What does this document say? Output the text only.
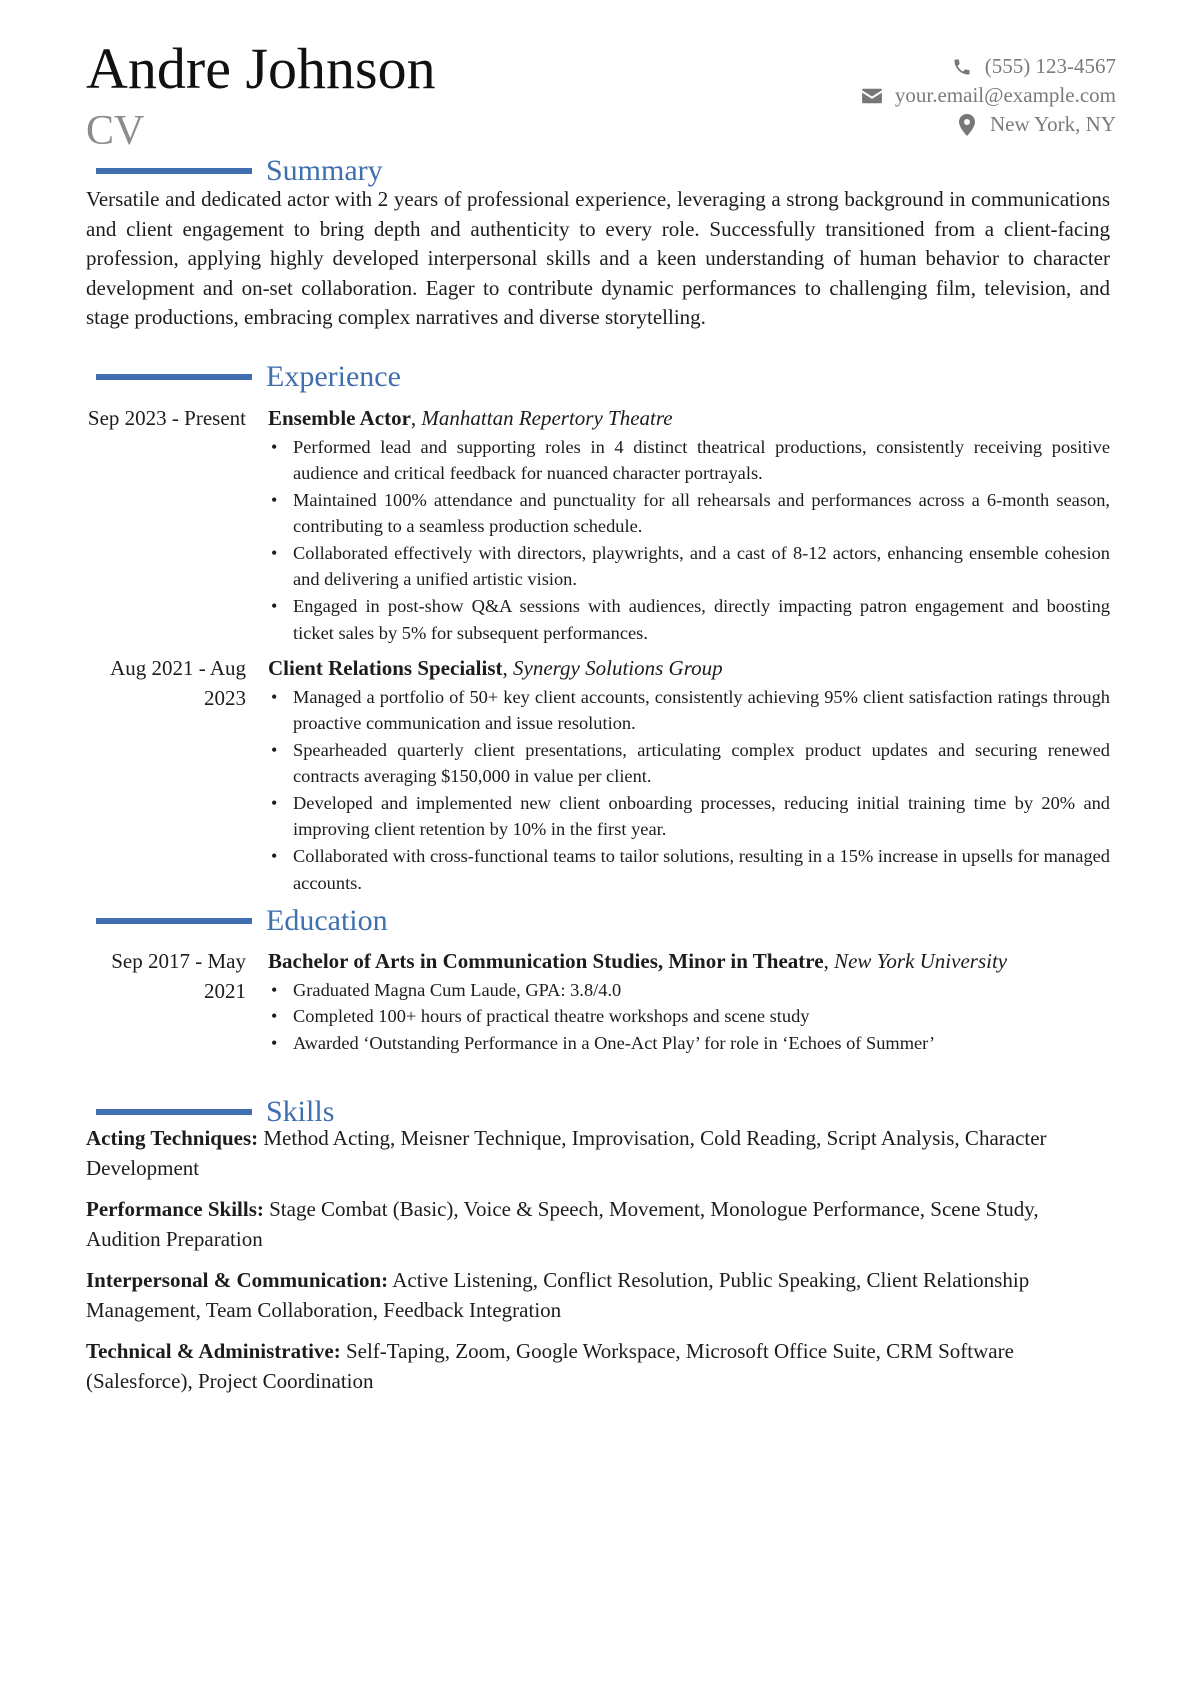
Andre Johnson
CV
(555) 123-4567
your.email@example.com
New York, NY
Summary
Versatile and dedicated actor with 2 years of professional experience, leveraging a strong background in communications and client engagement to bring depth and authenticity to every role. Successfully transitioned from a client-facing profession, applying highly developed interpersonal skills and a keen understanding of human behavior to character development and on-set collaboration. Eager to contribute dynamic performances to challenging film, television, and stage productions, embracing complex narratives and diverse storytelling.
Experience
Sep 2023 - Present Ensemble Actor, Manhattan Repertory Theatre
• Performed lead and supporting roles in 4 distinct theatrical productions, consistently receiving positive audience and critical feedback for nuanced character portrayals.
• Maintained 100% attendance and punctuality for all rehearsals and performances across a 6-month season, contributing to a seamless production schedule.
• Collaborated effectively with directors, playwrights, and a cast of 8-12 actors, enhancing ensemble cohesion and delivering a unified artistic vision.
• Engaged in post-show Q&A sessions with audiences, directly impacting patron engagement and boosting ticket sales by 5% for subsequent performances.
Aug 2021 - Aug 2023
Client Relations Specialist, Synergy Solutions Group
• Managed a portfolio of 50+ key client accounts, consistently achieving 95% client satisfaction ratings through proactive communication and issue resolution.
• Spearheaded quarterly client presentations, articulating complex product updates and securing renewed contracts averaging $150,000 in value per client.
• Developed and implemented new client onboarding processes, reducing initial training time by 20% and improving client retention by 10% in the first year.
• Collaborated with cross-functional teams to tailor solutions, resulting in a 15% increase in upsells for managed accounts.
Education
Sep 2017 - May 2021
Bachelor of Arts in Communication Studies, Minor in Theatre, New York University
• Graduated Magna Cum Laude, GPA: 3.8/4.0
• Completed 100+ hours of practical theatre workshops and scene study
• Awarded ‘Outstanding Performance in a One-Act Play’ for role in ‘Echoes of Summer’
Skills
Acting Techniques: Method Acting, Meisner Technique, Improvisation, Cold Reading, Script Analysis, Character Development
Performance Skills: Stage Combat (Basic), Voice & Speech, Movement, Monologue Performance, Scene Study, Audition Preparation
Interpersonal & Communication: Active Listening, Conflict Resolution, Public Speaking, Client Relationship Management, Team Collaboration, Feedback Integration
Technical & Administrative: Self-Taping, Zoom, Google Workspace, Microsoft Office Suite, CRM Software (Salesforce), Project Coordination
